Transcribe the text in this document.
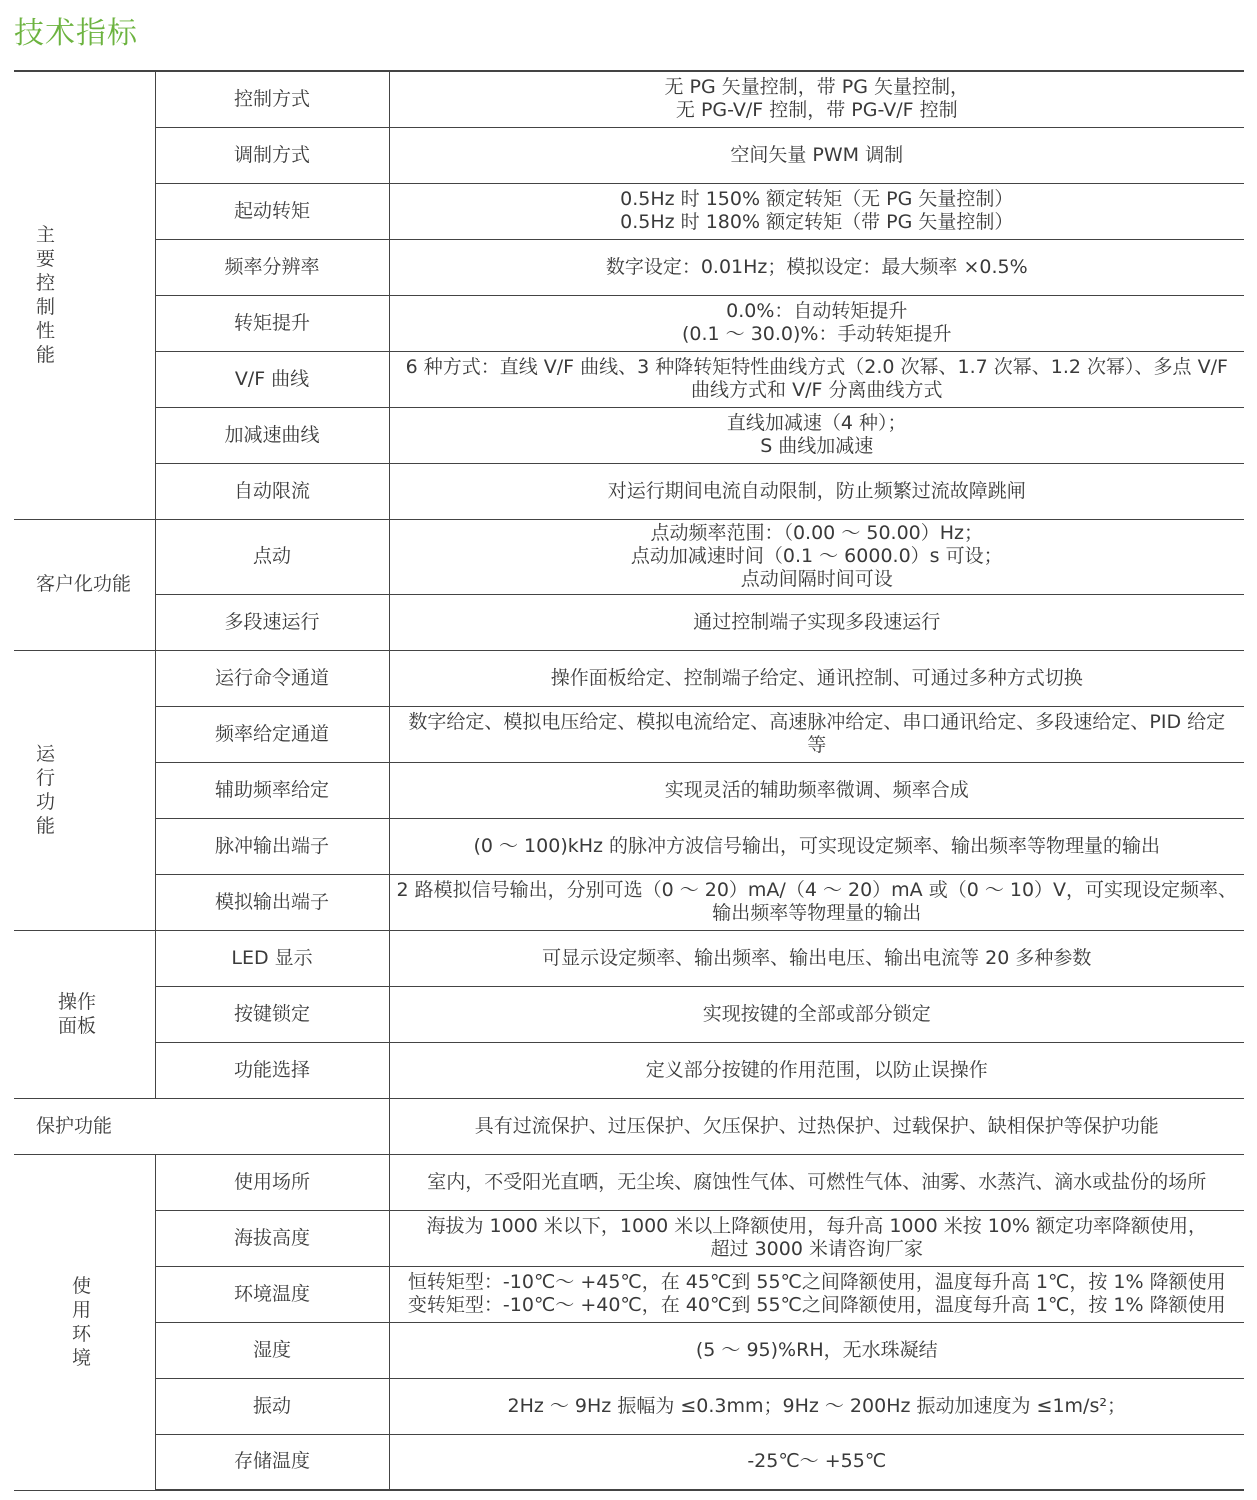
技术指标
主要控制性能	控制方式	无 PG 矢量控制，带 PG 矢量控制，
无 PG-V/F 控制，带 PG-V/F 控制

	调制方式	空间矢量 PWM 调制

	起动转矩	0.5Hz 时 150% 额定转矩（无 PG 矢量控制）
0.5Hz 时 180% 额定转矩（带 PG 矢量控制）

	频率分辨率	数字设定：0.01Hz；模拟设定：最大频率 ×0.5%

	转矩提升	0.0%：自动转矩提升
(0.1 ～ 30.0)%：手动转矩提升

	V/F 曲线	6 种方式：直线 V/F 曲线、3 种降转矩特性曲线方式（2.0 次幂、1.7 次幂、1.2 次幂）、多点 V/F
曲线方式和 V/F 分离曲线方式

	加减速曲线	直线加减速（4 种）；
S 曲线加减速

	自动限流	对运行期间电流自动限制，防止频繁过流故障跳闸

客户化功能	点动	点动频率范围：（0.00 ～ 50.00）Hz；
点动加减速时间（0.1 ～ 6000.0）s 可设；
点动间隔时间可设

	多段速运行	通过控制端子实现多段速运行

运行功能	运行命令通道	操作面板给定、控制端子给定、通讯控制、可通过多种方式切换

	频率给定通道	数字给定、模拟电压给定、模拟电流给定、高速脉冲给定、串口通讯给定、多段速给定、PID 给定
等

	辅助频率给定	实现灵活的辅助频率微调、频率合成

	脉冲输出端子	(0 ～ 100)kHz 的脉冲方波信号输出，可实现设定频率、输出频率等物理量的输出

	模拟输出端子	2 路模拟信号输出，分别可选（0 ～ 20）mA/（4 ～ 20）mA 或（0 ～ 10）V，可实现设定频率、
输出频率等物理量的输出

操作面板	LED 显示	可显示设定频率、输出频率、输出电压、输出电流等 20 多种参数

	按键锁定	实现按键的全部或部分锁定

	功能选择	定义部分按键的作用范围，以防止误操作

保护功能		具有过流保护、过压保护、欠压保护、过热保护、过载保护、缺相保护等保护功能

使用环境	使用场所	室内，不受阳光直晒，无尘埃、腐蚀性气体、可燃性气体、油雾、水蒸汽、滴水或盐份的场所

	海拔高度	海拔为 1000 米以下，1000 米以上降额使用，每升高 1000 米按 10% 额定功率降额使用，
超过 3000 米请咨询厂家

	环境温度	恒转矩型：-10℃～ +45℃，在 45℃到 55℃之间降额使用，温度每升高 1℃，按 1% 降额使用
变转矩型：-10℃～ +40℃，在 40℃到 55℃之间降额使用，温度每升高 1℃，按 1% 降额使用

	湿度	(5 ～ 95)%RH，无水珠凝结

	振动	2Hz ～ 9Hz 振幅为 ≤0.3mm；9Hz ～ 200Hz 振动加速度为 ≤1m/s²；

	存储温度	-25℃～ +55℃
